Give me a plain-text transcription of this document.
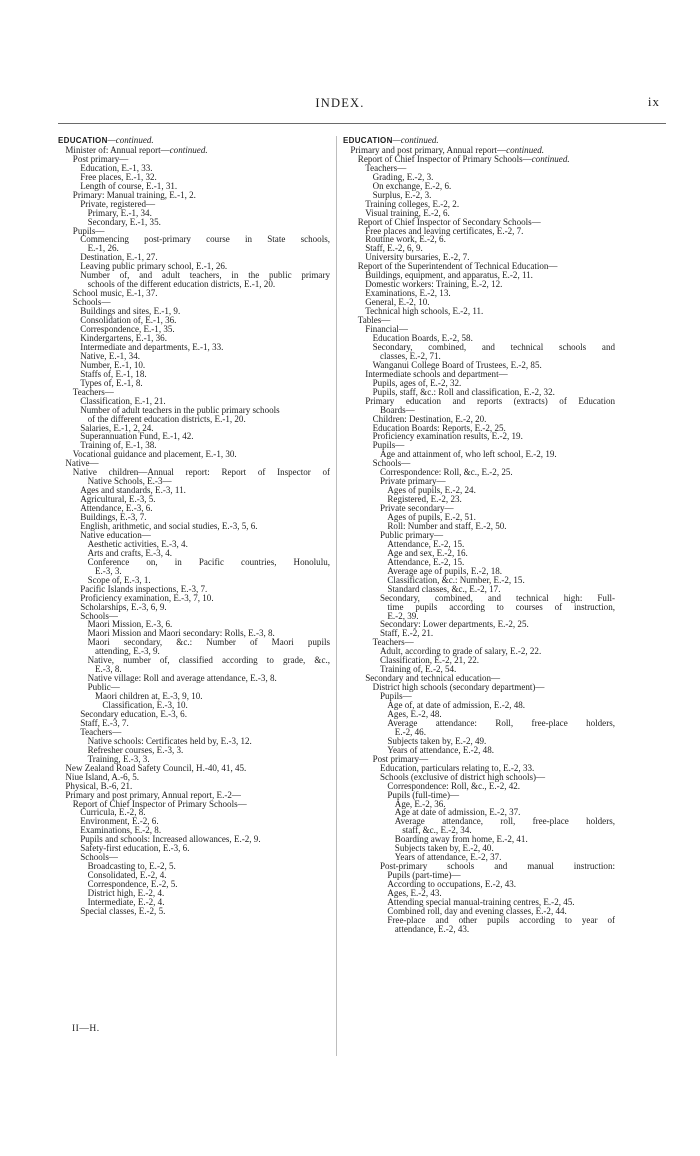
INDEX.	ix
EDUCATION—continued.
Minister of: Annual report—continued.
Post primary—
Education, E.-1, 33.
Free places, E.-1, 32.
Length of course, E.-1, 31.
Primary: Manual training, E.-1, 2.
Private, registered—
Primary, E.-1, 34.
Secondary, E.-1, 35.
Pupils—
Commencing post-primary course in State schools,
E.-1, 26.
Destination, E.-1, 27.
Leaving public primary school, E.-1, 26.
Number of, and adult teachers, in the public primary
schools of the different education districts, E.-1, 20.
School music, E.-1, 37.
Schools—
Buildings and sites, E.-1, 9.
Consolidation of, E.-1, 36.
Correspondence, E.-1, 35.
Kindergartens, E.-1, 36.
Intermediate and departments, E.-1, 33.
Native, E.-1, 34.
Number, E.-1, 10.
Staffs of, E.-1, 18.
Types of, E.-1, 8.
Teachers—
Classification, E.-1, 21.
Number of adult teachers in the public primary schools
of the different education districts, E.-1, 20.
Salaries, E.-1, 2, 24.
Superannuation Fund, E.-1, 42.
Training of, E.-1, 38.
Vocational guidance and placement, E.-1, 30.
Native—
Native children—Annual report: Report of Inspector of
Native Schools, E.-3—
Ages and standards, E.-3, 11.
Agricultural, E.-3, 5.
Attendance, E.-3, 6.
Buildings, E.-3, 7.
English, arithmetic, and social studies, E.-3, 5, 6.
Native education—
Aesthetic activities, E.-3, 4.
Arts and crafts, E.-3, 4.
Conference on, in Pacific countries, Honolulu,
E.-3, 3.
Scope of, E.-3, 1.
Pacific Islands inspections, E.-3, 7.
Proficiency examination, E.-3, 7, 10.
Scholarships, E.-3, 6, 9.
Schools—
Maori Mission, E.-3, 6.
Maori Mission and Maori secondary: Rolls, E.-3, 8.
Maori secondary, &c.: Number of Maori pupils
attending, E.-3, 9.
Native, number of, classified according to grade, &c.,
E.-3, 8.
Native village: Roll and average attendance, E.-3, 8.
Public—
Maori children at, E.-3, 9, 10.
Classification, E.-3, 10.
Secondary education, E.-3, 6.
Staff, E.-3, 7.
Teachers—
Native schools: Certificates held by, E.-3, 12.
Refresher courses, E.-3, 3.
Training, E.-3, 3.
New Zealand Road Safety Council, H.-40, 41, 45.
Niue Island, A.-6, 5.
Physical, B.-6, 21.
Primary and post primary, Annual report, E.-2—
Report of Chief Inspector of Primary Schools—
Curricula, E.-2, 8.
Environment, E.-2, 6.
Examinations, E.-2, 8.
Pupils and schools: Increased allowances, E.-2, 9.
Safety-first education, E.-3, 6.
Schools—
Broadcasting to, E.-2, 5.
Consolidated, E.-2, 4.
Correspondence, E.-2, 5.
District high, E.-2, 4.
Intermediate, E.-2, 4.
Special classes, E.-2, 5.
EDUCATION—continued.
Primary and post primary, Annual report—continued.
Report of Chief Inspector of Primary Schools—continued.
Teachers—
Grading, E.-2, 3.
On exchange, E.-2, 6.
Surplus, E.-2, 3.
Training colleges, E.-2, 2.
Visual training, E.-2, 6.
Report of Chief Inspector of Secondary Schools—
Free places and leaving certificates, E.-2, 7.
Routine work, E.-2, 6.
Staff, E.-2, 6, 9.
University bursaries, E.-2, 7.
Report of the Superintendent of Technical Education—
Buildings, equipment, and apparatus, E.-2, 11.
Domestic workers: Training, E.-2, 12.
Examinations, E.-2, 13.
General, E.-2, 10.
Technical high schools, E.-2, 11.
Tables—
Financial—
Education Boards, E.-2, 58.
Secondary, combined, and technical schools and
classes, E.-2, 71.
Wanganui College Board of Trustees, E.-2, 85.
Intermediate schools and department—
Pupils, ages of, E.-2, 32.
Pupils, staff, &c.: Roll and classification, E.-2, 32.
Primary education and reports (extracts) of Education
Boards—
Children: Destination, E.-2, 20.
Education Boards: Reports, E.-2, 25.
Proficiency examination results, E.-2, 19.
Pupils—
Age and attainment of, who left school, E.-2, 19.
Schools—
Correspondence: Roll, &c., E.-2, 25.
Private primary—
Ages of pupils, E.-2, 24.
Registered, E.-2, 23.
Private secondary—
Ages of pupils, E.-2, 51.
Roll: Number and staff, E.-2, 50.
Public primary—
Attendance, E.-2, 15.
Age and sex, E.-2, 16.
Attendance, E.-2, 15.
Average age of pupils, E.-2, 18.
Classification, &c.: Number, E.-2, 15.
Standard classes, &c., E.-2, 17.
Secondary, combined, and technical high: Full-
time pupils according to courses of instruction,
E.-2, 39.
Secondary: Lower departments, E.-2, 25.
Staff, E.-2, 21.
Teachers—
Adult, according to grade of salary, E.-2, 22.
Classification, E.-2, 21, 22.
Training of, E.-2, 54.
Secondary and technical education—
District high schools (secondary department)—
Pupils—
Age of, at date of admission, E.-2, 48.
Ages, E.-2, 48.
Average attendance: Roll, free-place holders,
E.-2, 46.
Subjects taken by, E.-2, 49.
Years of attendance, E.-2, 48.
Post primary—
Education, particulars relating to, E.-2, 33.
Schools (exclusive of district high schools)—
Correspondence: Roll, &c., E.-2, 42.
Pupils (full-time)—
Age, E.-2, 36.
Age at date of admission, E.-2, 37.
Average attendance, roll, free-place holders,
staff, &c., E.-2, 34.
Boarding away from home, E.-2, 41.
Subjects taken by, E.-2, 40.
Years of attendance, E.-2, 37.
Post-primary schools and manual instruction:
Pupils (part-time)—
According to occupations, E.-2, 43.
Ages, E.-2, 43.
Attending special manual-training centres, E.-2, 45.
Combined roll, day and evening classes, E.-2, 44.
Free-place and other pupils according to year of
attendance, E.-2, 43.
II—H.
